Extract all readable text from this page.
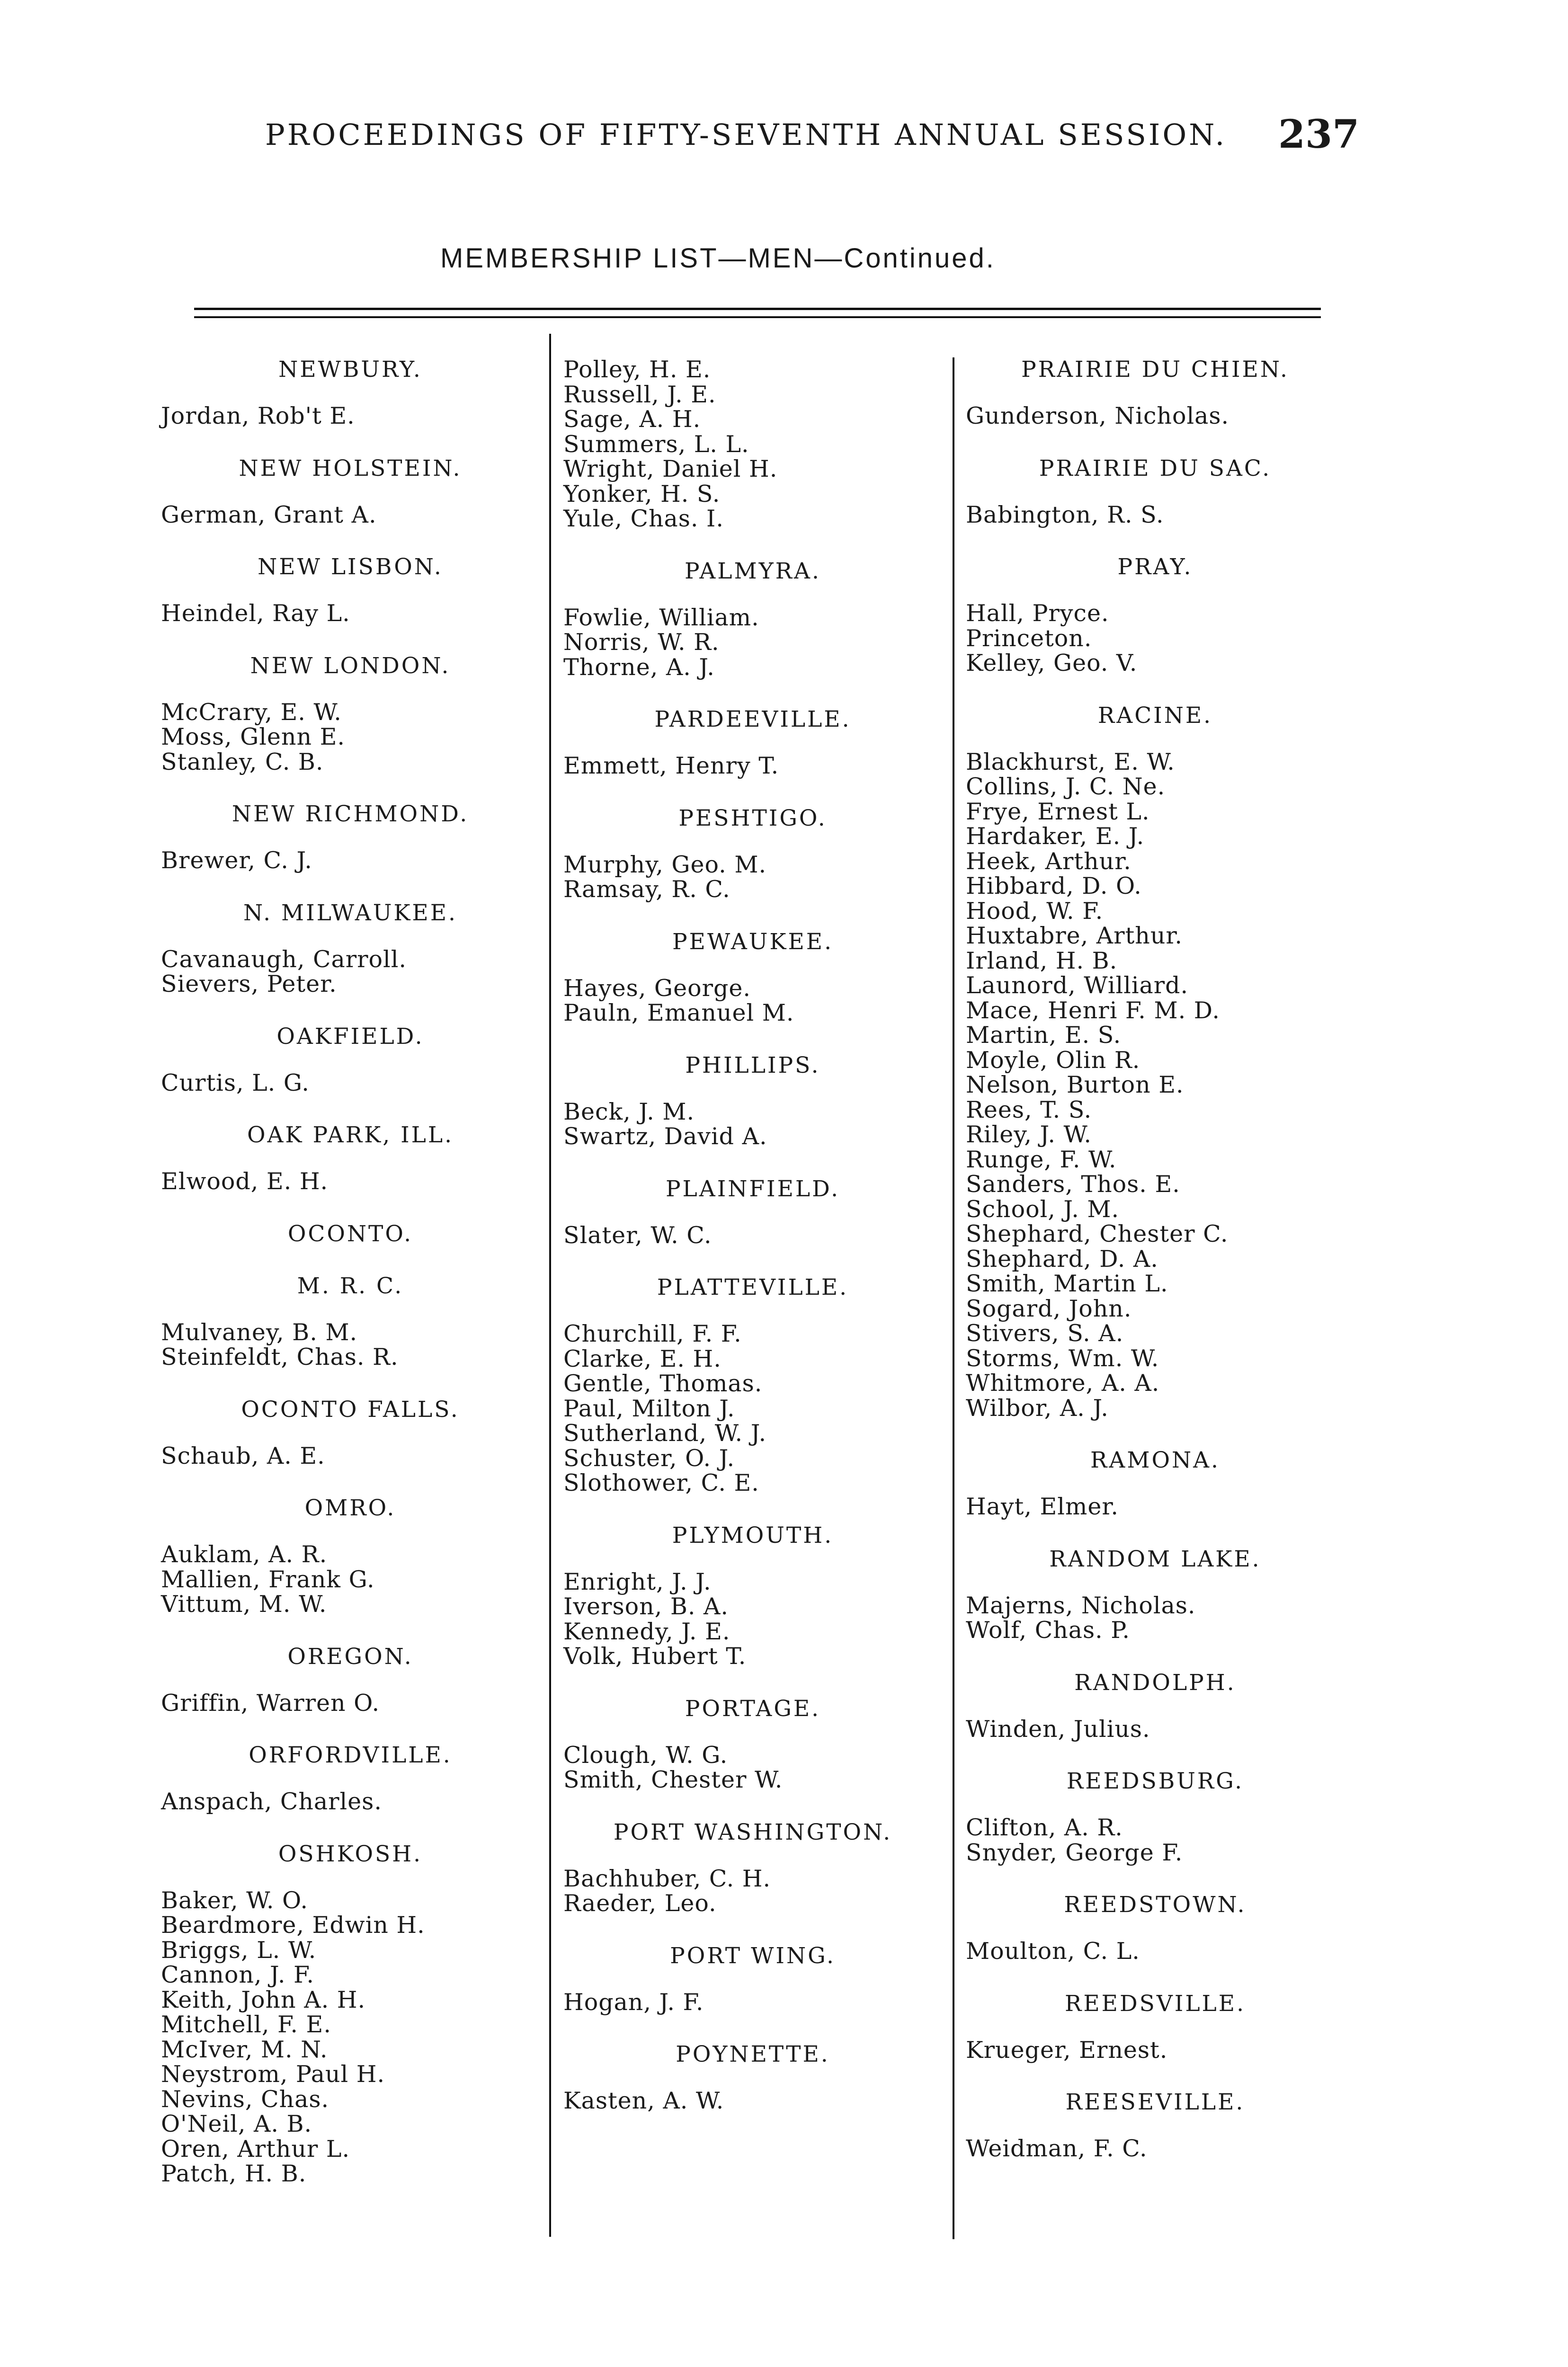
PROCEEDINGS OF FIFTY-SEVENTH ANNUAL SESSION.	237
MEMBERSHIP LIST—MEN—Continued.
NEWBURY.
Jordan, Rob't E.
NEW HOLSTEIN.
German, Grant A.
NEW LISBON.
Heindel, Ray L.
NEW LONDON.
McCrary, E. W.
Moss, Glenn E.
Stanley, C. B.
NEW RICHMOND.
Brewer, C. J.
N. MILWAUKEE.
Cavanaugh, Carroll.
Sievers, Peter.
OAKFIELD.
Curtis, L. G.
OAK PARK, ILL.
Elwood, E. H.
OCONTO.
M. R. C.
Mulvaney, B. M.
Steinfeldt, Chas. R.
OCONTO FALLS.
Schaub, A. E.
OMRO.
Auklam, A. R.
Mallien, Frank G.
Vittum, M. W.
OREGON.
Griffin, Warren O.
ORFORDVILLE.
Anspach, Charles.
OSHKOSH.
Baker, W. O.
Beardmore, Edwin H.
Briggs, L. W.
Cannon, J. F.
Keith, John A. H.
Mitchell, F. E.
McIver, M. N.
Neystrom, Paul H.
Nevins, Chas.
O'Neil, A. B.
Oren, Arthur L.
Patch, H. B.
Polley, H. E.
Russell, J. E.
Sage, A. H.
Summers, L. L.
Wright, Daniel H.
Yonker, H. S.
Yule, Chas. I.
PALMYRA.
Fowlie, William.
Norris, W. R.
Thorne, A. J.
PARDEEVILLE.
Emmett, Henry T.
PESHTIGO.
Murphy, Geo. M.
Ramsay, R. C.
PEWAUKEE.
Hayes, George.
Pauln, Emanuel M.
PHILLIPS.
Beck, J. M.
Swartz, David A.
PLAINFIELD.
Slater, W. C.
PLATTEVILLE.
Churchill, F. F.
Clarke, E. H.
Gentle, Thomas.
Paul, Milton J.
Sutherland, W. J.
Schuster, O. J.
Slothower, C. E.
PLYMOUTH.
Enright, J. J.
Iverson, B. A.
Kennedy, J. E.
Volk, Hubert T.
PORTAGE.
Clough, W. G.
Smith, Chester W.
PORT WASHINGTON.
Bachhuber, C. H.
Raeder, Leo.
PORT WING.
Hogan, J. F.
POYNETTE.
Kasten, A. W.
PRAIRIE DU CHIEN.
Gunderson, Nicholas.
PRAIRIE DU SAC.
Babington, R. S.
PRAY.
Hall, Pryce.
Princeton.
Kelley, Geo. V.
RACINE.
Blackhurst, E. W.
Collins, J. C. Ne.
Frye, Ernest L.
Hardaker, E. J.
Heek, Arthur.
Hibbard, D. O.
Hood, W. F.
Huxtabre, Arthur.
Irland, H. B.
Launord, Williard.
Mace, Henri F. M. D.
Martin, E. S.
Moyle, Olin R.
Nelson, Burton E.
Rees, T. S.
Riley, J. W.
Runge, F. W.
Sanders, Thos. E.
School, J. M.
Shephard, Chester C.
Shephard, D. A.
Smith, Martin L.
Sogard, John.
Stivers, S. A.
Storms, Wm. W.
Whitmore, A. A.
Wilbor, A. J.
RAMONA.
Hayt, Elmer.
RANDOM LAKE.
Majerns, Nicholas.
Wolf, Chas. P.
RANDOLPH.
Winden, Julius.
REEDSBURG.
Clifton, A. R.
Snyder, George F.
REEDSTOWN.
Moulton, C. L.
REEDSVILLE.
Krueger, Ernest.
REESEVILLE.
Weidman, F. C.
